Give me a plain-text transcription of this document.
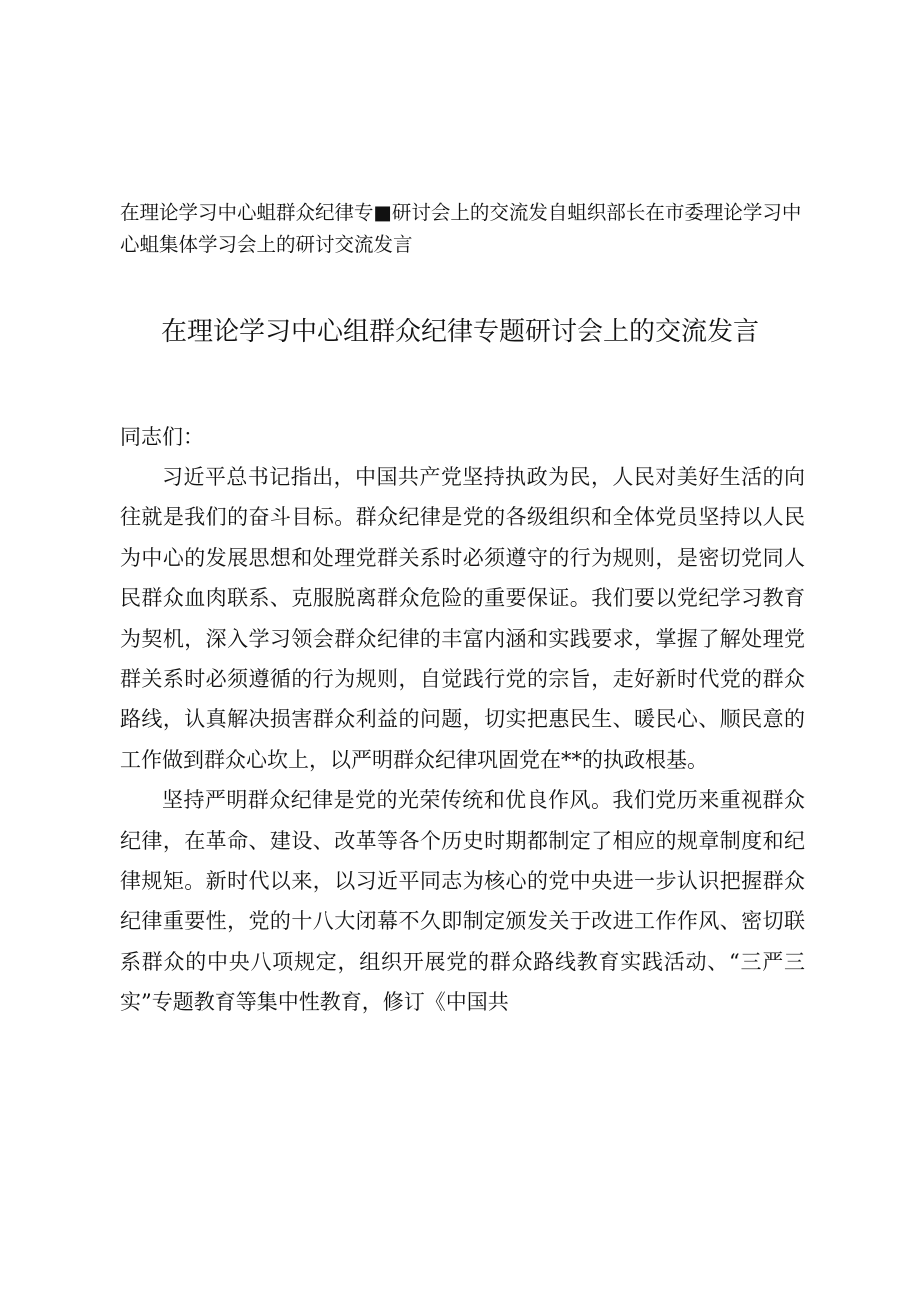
在理论学习中心蛆群众纪律专■研讨会上的交流发自蛆织部长在市委理论学习中心蛆集体学习会上的研讨交流发言
在理论学习中心组群众纪律专题研讨会上的交流发言
同志们：

习近平总书记指出，中国共产党坚持执政为民，人民对美好生活的向往就是我们的奋斗目标。群众纪律是党的各级组织和全体党员坚持以人民为中心的发展思想和处理党群关系时必须遵守的行为规则，是密切党同人民群众血肉联系、克服脱离群众危险的重要保证。我们要以党纪学习教育为契机，深入学习领会群众纪律的丰富内涵和实践要求，掌握了解处理党群关系时必须遵循的行为规则，自觉践行党的宗旨，走好新时代党的群众路线，认真解决损害群众利益的问题，切实把惠民生、暖民心、顺民意的工作做到群众心坎上，以严明群众纪律巩固党在**的执政根基。

坚持严明群众纪律是党的光荣传统和优良作风。我们党历来重视群众纪律，在革命、建设、改革等各个历史时期都制定了相应的规章制度和纪律规矩。新时代以来，以习近平同志为核心的党中央进一步认识把握群众纪律重要性，党的十八大闭幕不久即制定颁发关于改进工作作风、密切联系群众的中央八项规定，组织开展党的群众路线教育实践活动、“三严三实”专题教育等集中性教育，修订《中国共
